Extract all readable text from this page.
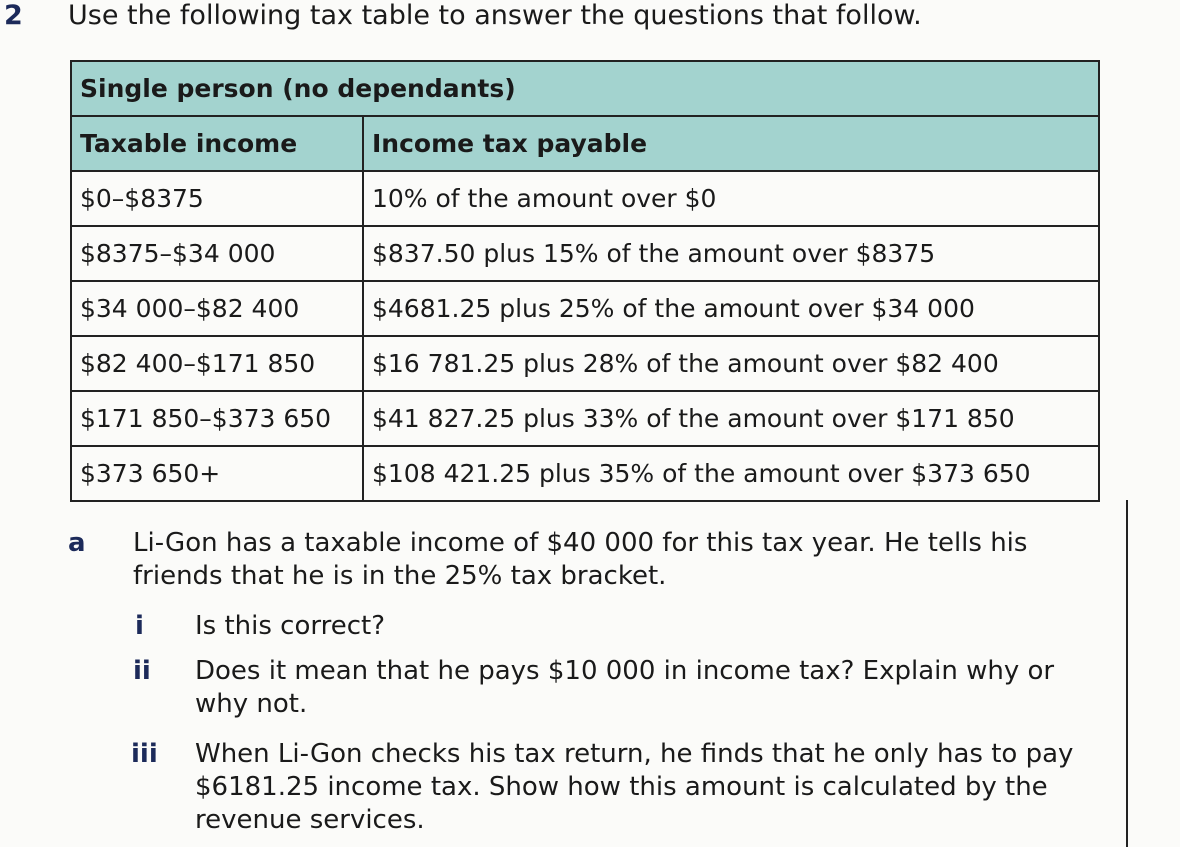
2 Use the following tax table to answer the questions that follow.
Single person (no dependants)	
Taxable income	Income tax payable
$0–$8375	10% of the amount over $0
$8375–$34 000	$837.50 plus 15% of the amount over $8375
$34 000–$82 400	$4681.25 plus 25% of the amount over $34 000
$82 400–$171 850	$16 781.25 plus 28% of the amount over $82 400
$171 850–$373 650	$41 827.25 plus 33% of the amount over $171 850
$373 650+	$108 421.25 plus 35% of the amount over $373 650
a Li-Gon has a taxable income of $40 000 for this tax year. He tells his friends that he is in the 25% tax bracket.
i Is this correct?
ii Does it mean that he pays $10 000 in income tax? Explain why or why not.
iii When Li-Gon checks his tax return, he finds that he only has to pay $6181.25 income tax. Show how this amount is calculated by the revenue services.
